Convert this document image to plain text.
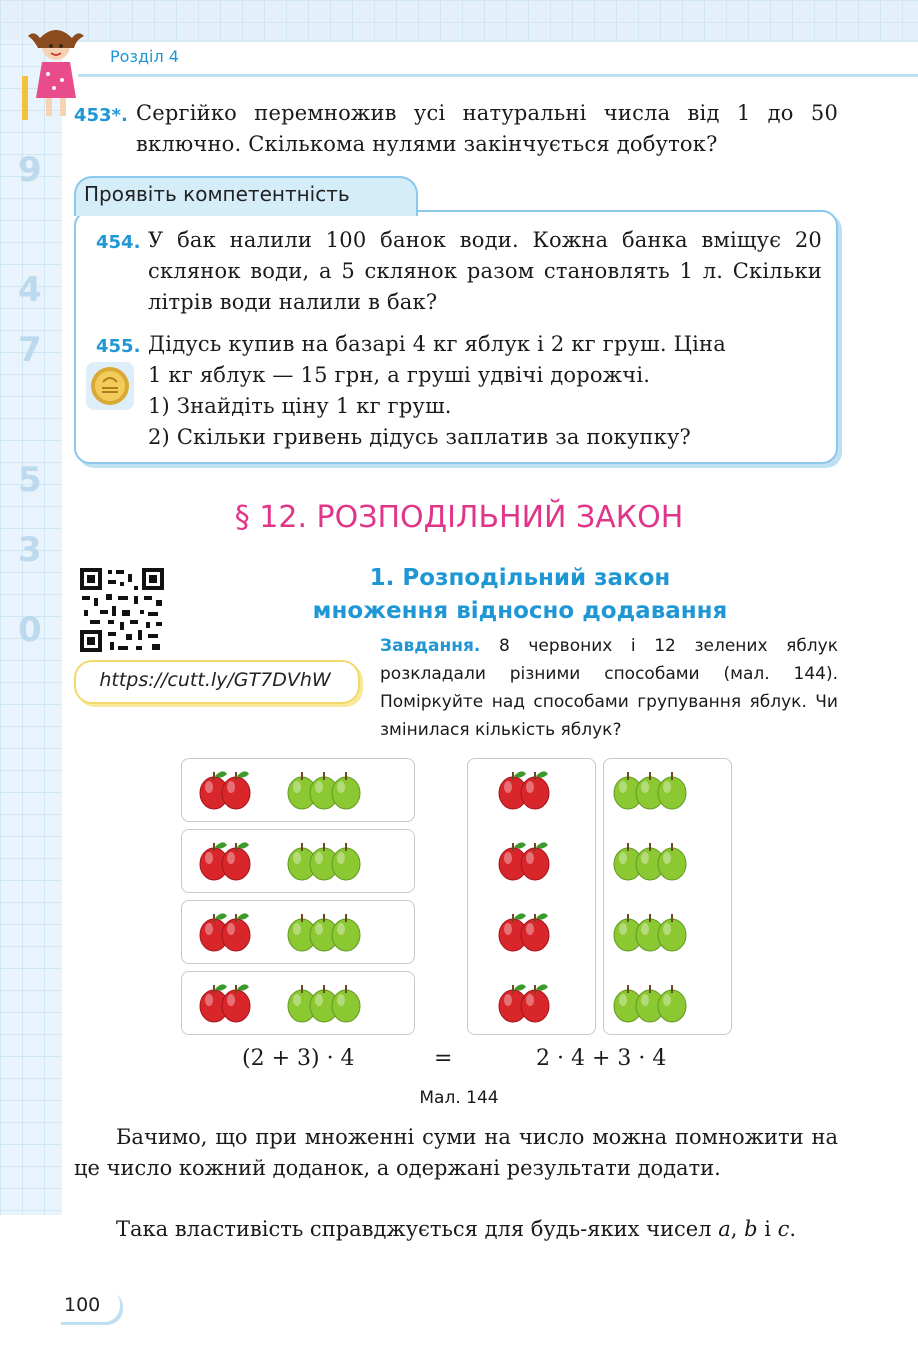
9
4
7
5
3
0
Розділ 4
453*. Сергійко перемножив усі натуральні числа від 1 до 50 включно. Скількома нулями закінчується добуток?
Проявіть компетентність
454. У бак налили 100 банок води. Кожна банка вміщує 20 склянок води, а 5 склянок разом становлять 1 л. Скільки літрів води налили в бак?
455. Дідусь купив на базарі 4 кг яблук і 2 кг груш. Ціна
1 кг яблук — 15 грн, а груші удвічі дорожчі.
1) Знайдіть ціну 1 кг груш.
2) Скільки гривень дідусь заплатив за покупку?
§ 12. РОЗПОДІЛЬНИЙ ЗАКОН
1. Розподільний закон
множення відносно додавання
https://cutt.ly/GT7DVhW
Завдання. 8 червоних і 12 зелених яблук розкладали різними способами (мал. 144). Поміркуйте над способами групування яблук. Чи змінилася кількість яблук?
(2 + 3) · 4	=	2 · 4 + 3 · 4
Мал. 144
Бачимо, що при множенні суми на число можна помножити на це число кожний доданок, а одержані результати додати.
Така властивість справджується для будь-яких чисел a, b і c.
100
